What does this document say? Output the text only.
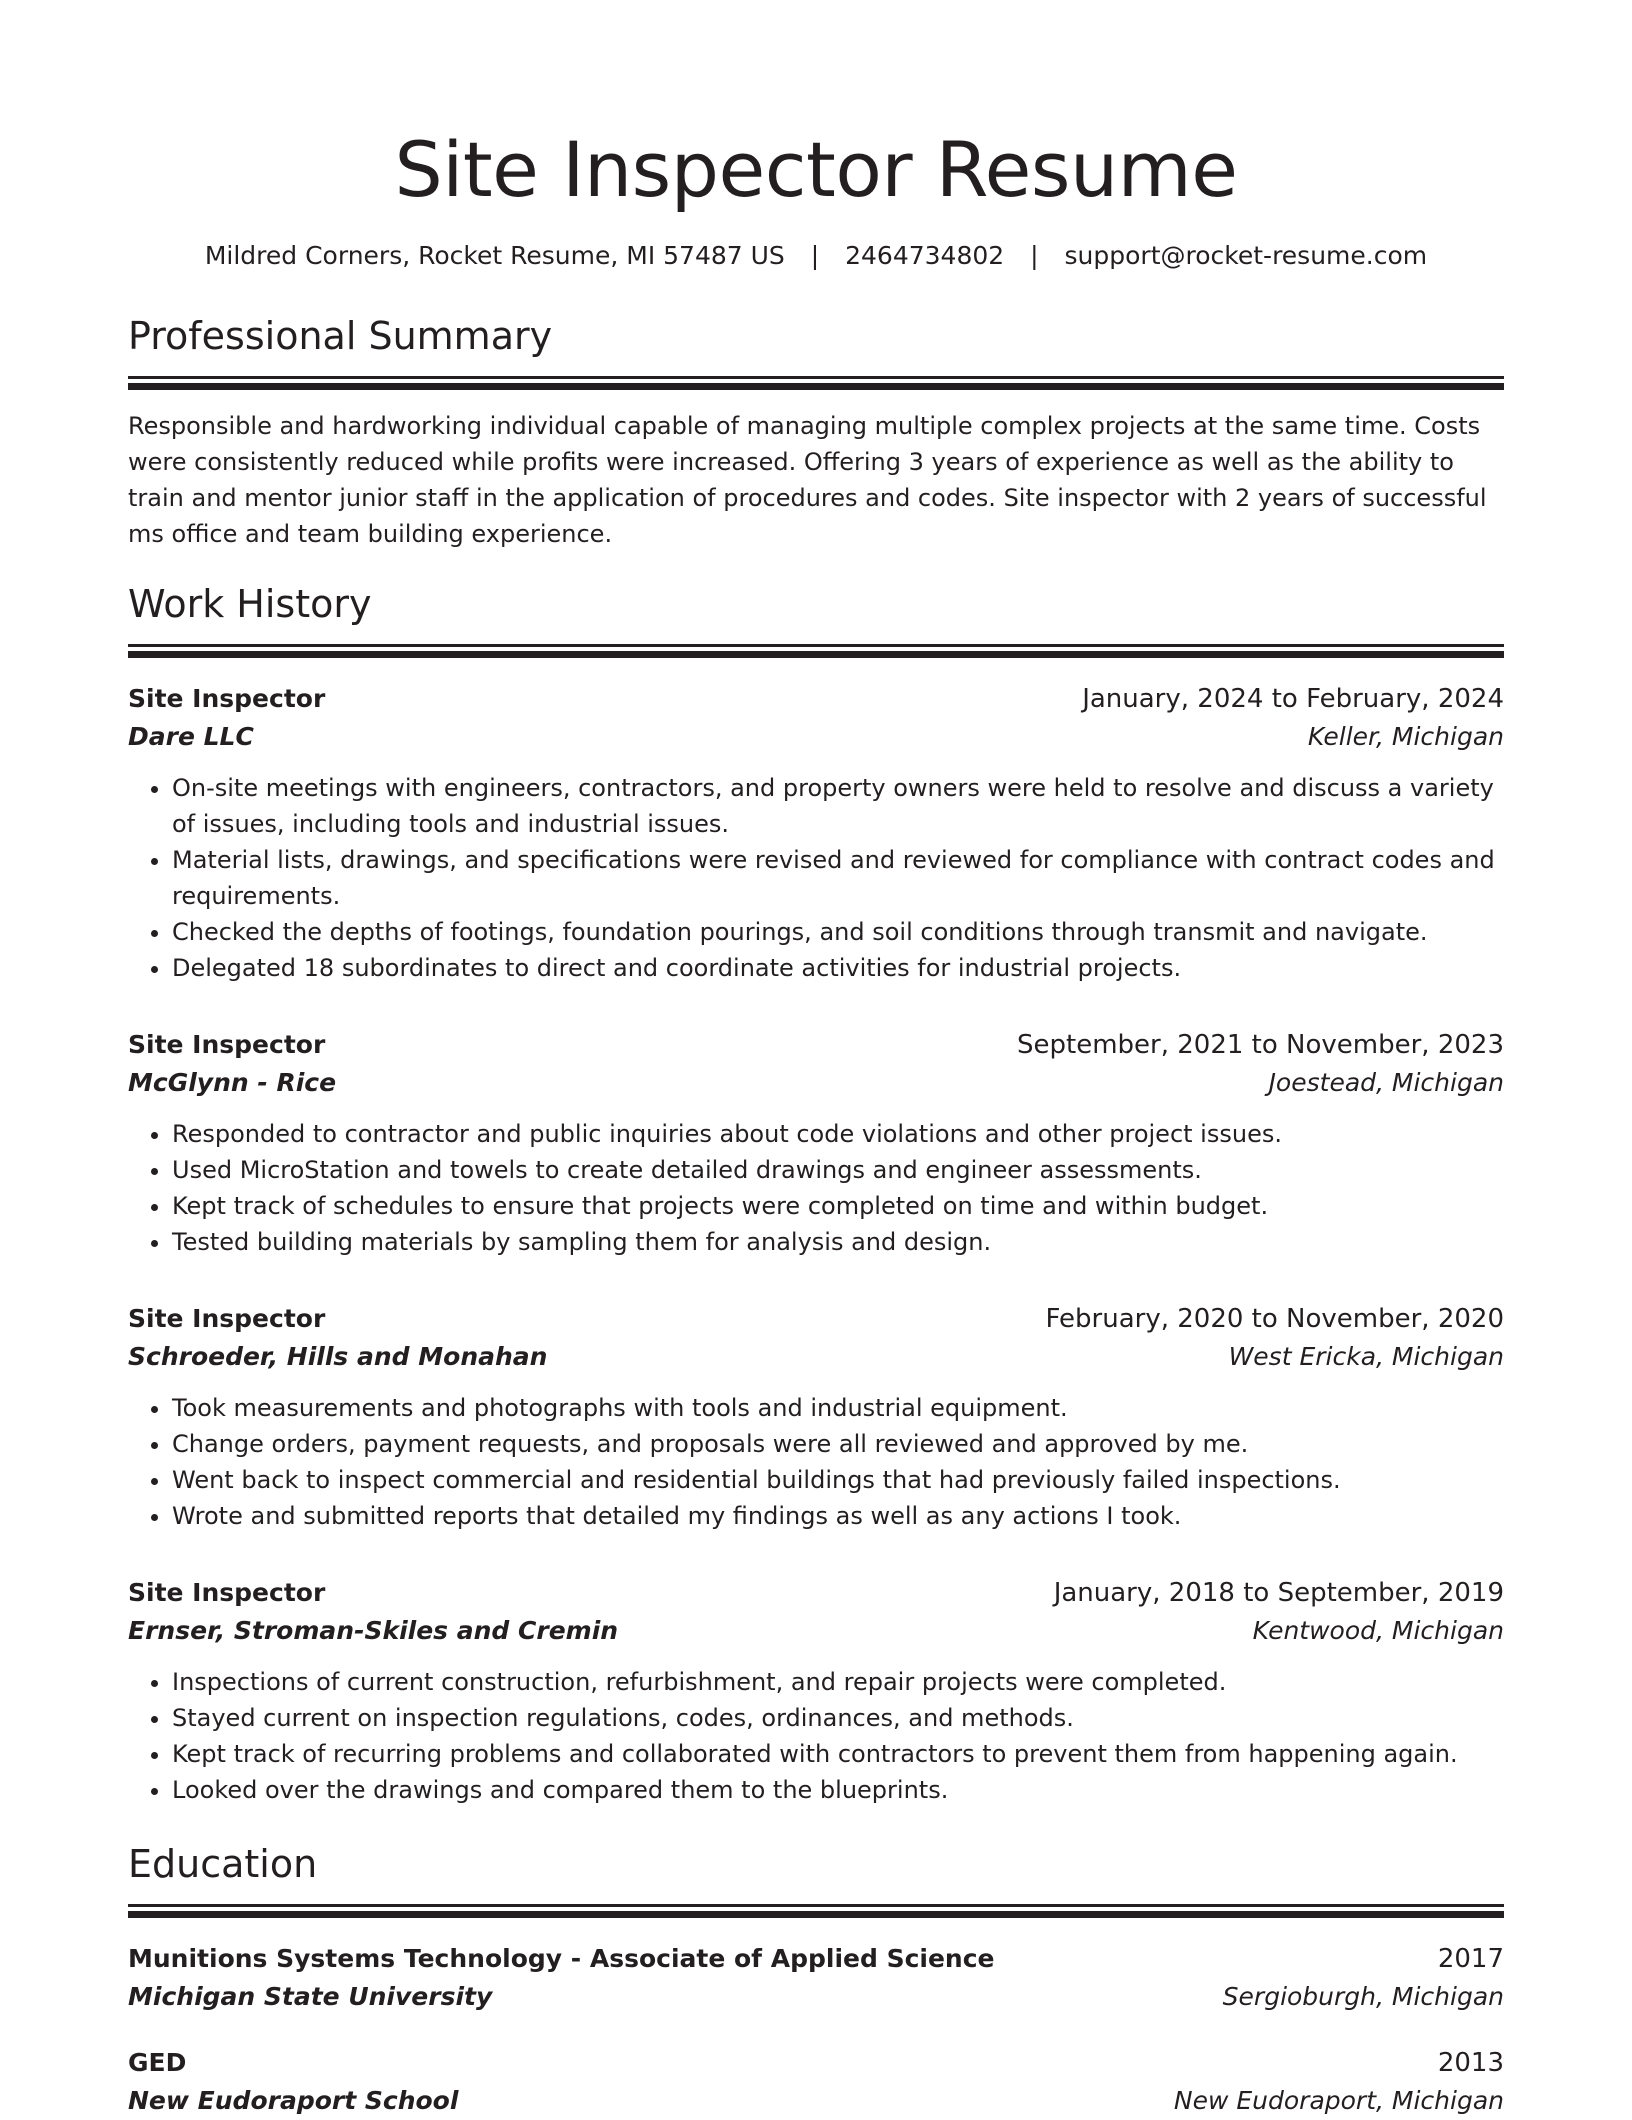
Site Inspector Resume
Mildred Corners, Rocket Resume, MI 57487 US | 2464734802 | support@rocket-resume.com
Professional Summary

Responsible and hardworking individual capable of managing multiple complex projects at the same time. Costs were consistently reduced while profits were increased. Offering 3 years of experience as well as the ability to train and mentor junior staff in the application of procedures and codes. Site inspector with 2 years of successful ms office and team building experience.

Work History
Site Inspector	January, 2024 to February, 2024
Dare LLC	Keller, Michigan
• On-site meetings with engineers, contractors, and property owners were held to resolve and discuss a variety of issues, including tools and industrial issues.
• Material lists, drawings, and specifications were revised and reviewed for compliance with contract codes and requirements.
• Checked the depths of footings, foundation pourings, and soil conditions through transmit and navigate.
• Delegated 18 subordinates to direct and coordinate activities for industrial projects.
Site Inspector	September, 2021 to November, 2023
McGlynn - Rice	Joestead, Michigan
• Responded to contractor and public inquiries about code violations and other project issues.
• Used MicroStation and towels to create detailed drawings and engineer assessments.
• Kept track of schedules to ensure that projects were completed on time and within budget.
• Tested building materials by sampling them for analysis and design.
Site Inspector	February, 2020 to November, 2020
Schroeder, Hills and Monahan	West Ericka, Michigan
• Took measurements and photographs with tools and industrial equipment.
• Change orders, payment requests, and proposals were all reviewed and approved by me.
• Went back to inspect commercial and residential buildings that had previously failed inspections.
• Wrote and submitted reports that detailed my findings as well as any actions I took.
Site Inspector	January, 2018 to September, 2019
Ernser, Stroman-Skiles and Cremin	Kentwood, Michigan
• Inspections of current construction, refurbishment, and repair projects were completed.
• Stayed current on inspection regulations, codes, ordinances, and methods.
• Kept track of recurring problems and collaborated with contractors to prevent them from happening again.
• Looked over the drawings and compared them to the blueprints.
Education
Munitions Systems Technology - Associate of Applied Science	2017
Michigan State University	Sergioburgh, Michigan
GED	2013
New Eudoraport School	New Eudoraport, Michigan
